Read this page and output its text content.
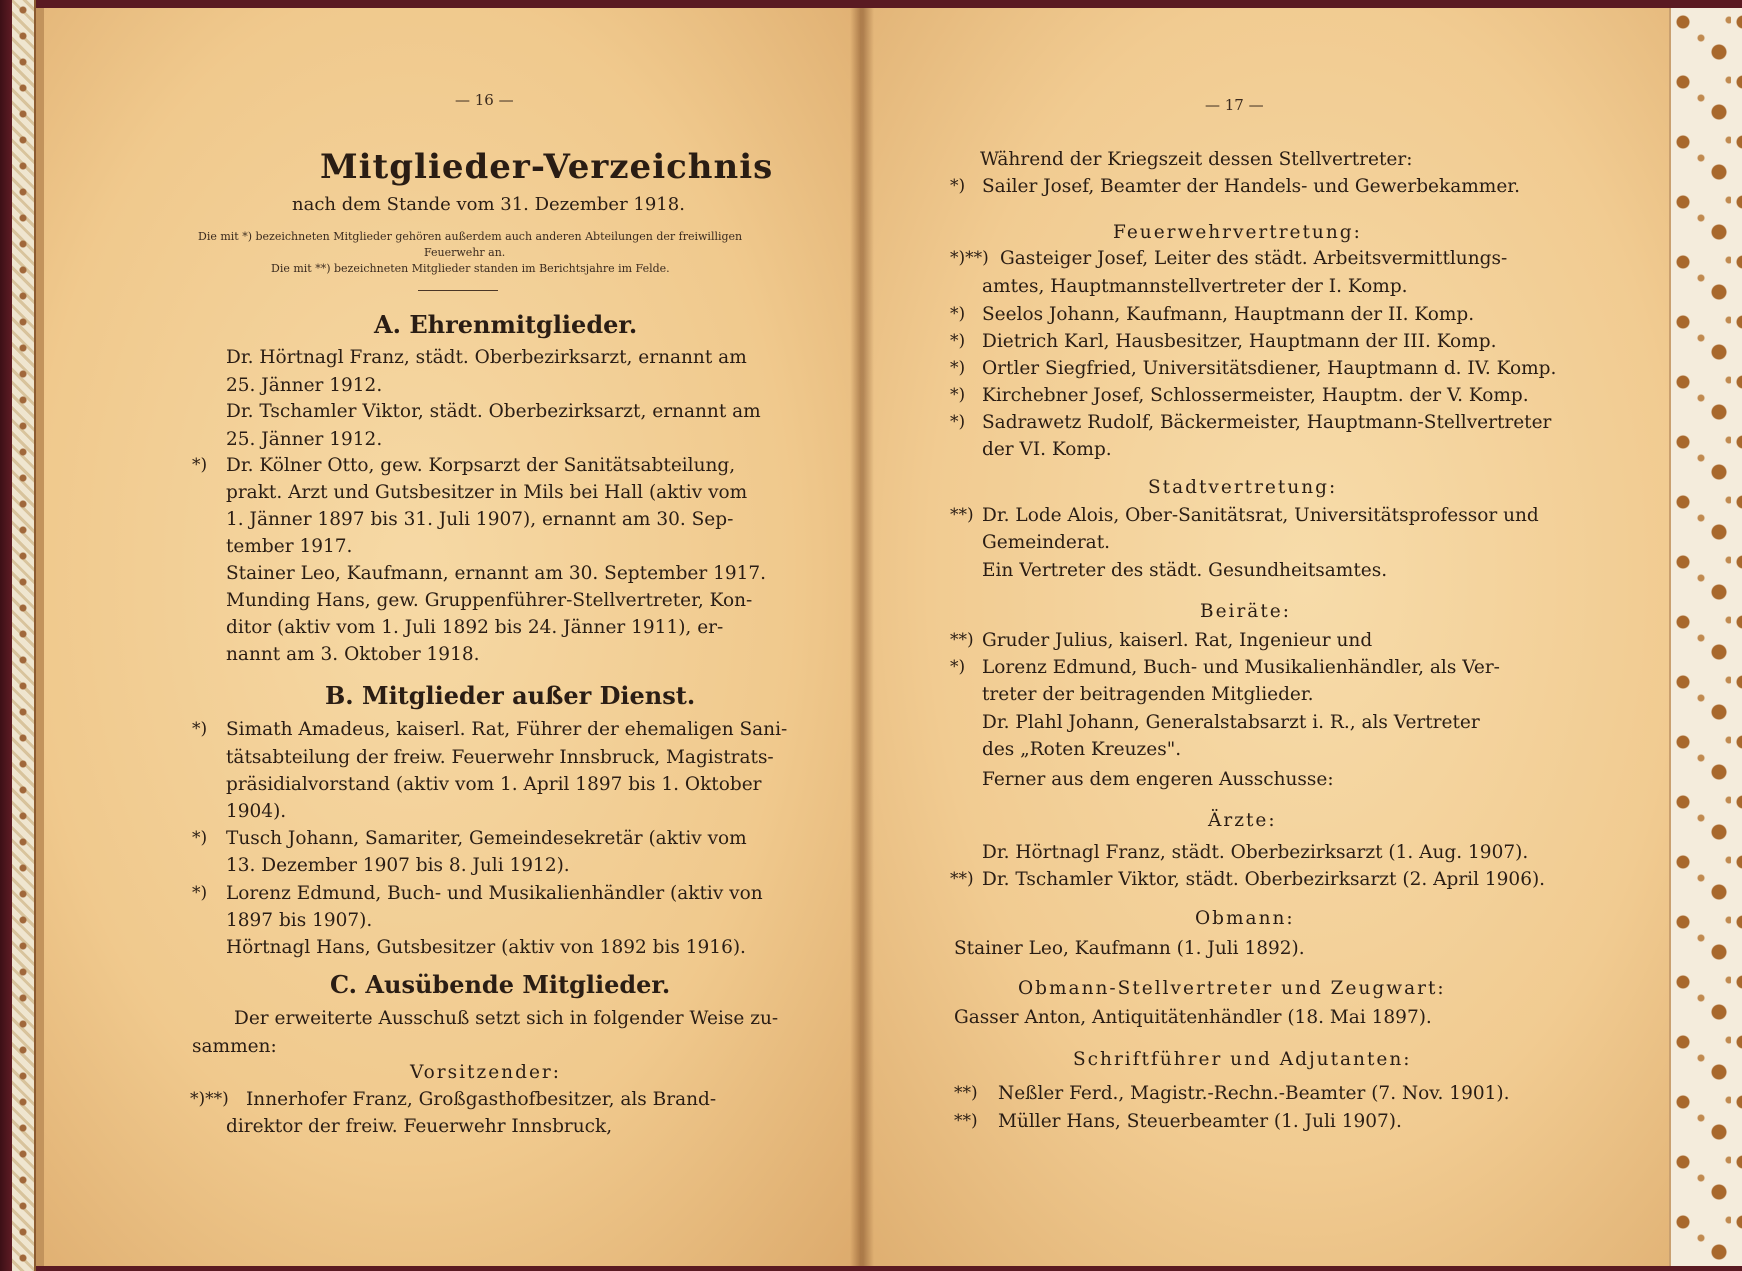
— 16 —
Mitglieder-Verzeichnis
nach dem Stande vom 31. Dezember 1918.
Die mit *) bezeichneten Mitglieder gehören außerdem auch anderen Abteilungen der freiwilligen
Feuerwehr an.
Die mit **) bezeichneten Mitglieder standen im Berichtsjahre im Felde.
A. Ehrenmitglieder.
Dr. Hörtnagl Franz, städt. Oberbezirksarzt, ernannt am
25. Jänner 1912.
Dr. Tschamler Viktor, städt. Oberbezirksarzt, ernannt am
25. Jänner 1912.
*) Dr. Kölner Otto, gew. Korpsarzt der Sanitätsabteilung,
prakt. Arzt und Gutsbesitzer in Mils bei Hall (aktiv vom
1. Jänner 1897 bis 31. Juli 1907), ernannt am 30. Sep-
tember 1917.
Stainer Leo, Kaufmann, ernannt am 30. September 1917.
Munding Hans, gew. Gruppenführer-Stellvertreter, Kon-
ditor (aktiv vom 1. Juli 1892 bis 24. Jänner 1911), er-
nannt am 3. Oktober 1918.
B. Mitglieder außer Dienst.
*) Simath Amadeus, kaiserl. Rat, Führer der ehemaligen Sani-
tätsabteilung der freiw. Feuerwehr Innsbruck, Magistrats-
präsidialvorstand (aktiv vom 1. April 1897 bis 1. Oktober
1904).
*) Tusch Johann, Samariter, Gemeindesekretär (aktiv vom
13. Dezember 1907 bis 8. Juli 1912).
*) Lorenz Edmund, Buch- und Musikalienhändler (aktiv von
1897 bis 1907).
Hörtnagl Hans, Gutsbesitzer (aktiv von 1892 bis 1916).
C. Ausübende Mitglieder.
Der erweiterte Ausschuß setzt sich in folgender Weise zu-
sammen:
Vorsitzender:
*)**) Innerhofer Franz, Großgasthofbesitzer, als Brand-
direktor der freiw. Feuerwehr Innsbruck,
— 17 —
Während der Kriegszeit dessen Stellvertreter:
*) Sailer Josef, Beamter der Handels- und Gewerbekammer.
Feuerwehrvertretung:
*)**) Gasteiger Josef, Leiter des städt. Arbeitsvermittlungs-
amtes, Hauptmannstellvertreter der I. Komp.
*) Seelos Johann, Kaufmann, Hauptmann der II. Komp.
*) Dietrich Karl, Hausbesitzer, Hauptmann der III. Komp.
*) Ortler Siegfried, Universitätsdiener, Hauptmann d. IV. Komp.
*) Kirchebner Josef, Schlossermeister, Hauptm. der V. Komp.
*) Sadrawetz Rudolf, Bäckermeister, Hauptmann-Stellvertreter
der VI. Komp.
Stadtvertretung:
**) Dr. Lode Alois, Ober-Sanitätsrat, Universitätsprofessor und
Gemeinderat.
Ein Vertreter des städt. Gesundheitsamtes.
Beiräte:
**) Gruder Julius, kaiserl. Rat, Ingenieur und
*) Lorenz Edmund, Buch- und Musikalienhändler, als Ver-
treter der beitragenden Mitglieder.
Dr. Plahl Johann, Generalstabsarzt i. R., als Vertreter
des „Roten Kreuzes".
Ferner aus dem engeren Ausschusse:
Ärzte:
Dr. Hörtnagl Franz, städt. Oberbezirksarzt (1. Aug. 1907).
**) Dr. Tschamler Viktor, städt. Oberbezirksarzt (2. April 1906).
Obmann:
Stainer Leo, Kaufmann (1. Juli 1892).
Obmann-Stellvertreter und Zeugwart:
Gasser Anton, Antiquitätenhändler (18. Mai 1897).
Schriftführer und Adjutanten:
**) Neßler Ferd., Magistr.-Rechn.-Beamter (7. Nov. 1901).
**) Müller Hans, Steuerbeamter (1. Juli 1907).
